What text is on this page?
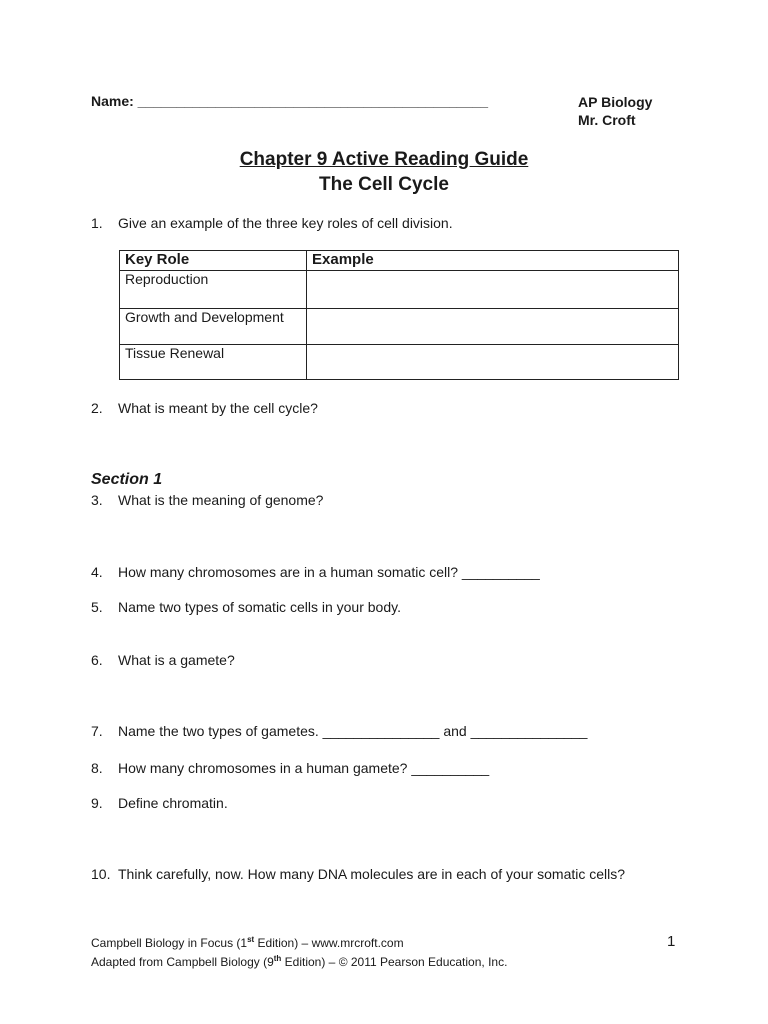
Name: _____________________________________________	AP Biology
Mr. Croft
Chapter 9 Active Reading Guide
The Cell Cycle
1. Give an example of the three key roles of cell division.
Key Role	Example
Reproduction	
Growth and Development	
Tissue Renewal	
2. What is meant by the cell cycle?
Section 1
3. What is the meaning of genome?
4. How many chromosomes are in a human somatic cell? __________
5. Name two types of somatic cells in your body.
6. What is a gamete?
7. Name the two types of gametes. _______________ and _______________
8. How many chromosomes in a human gamete? __________
9. Define chromatin.
10. Think carefully, now. How many DNA molecules are in each of your somatic cells?
Campbell Biology in Focus (1st Edition) – www.mrcroft.com
Adapted from Campbell Biology (9th Edition) – © 2011 Pearson Education, Inc.
1
